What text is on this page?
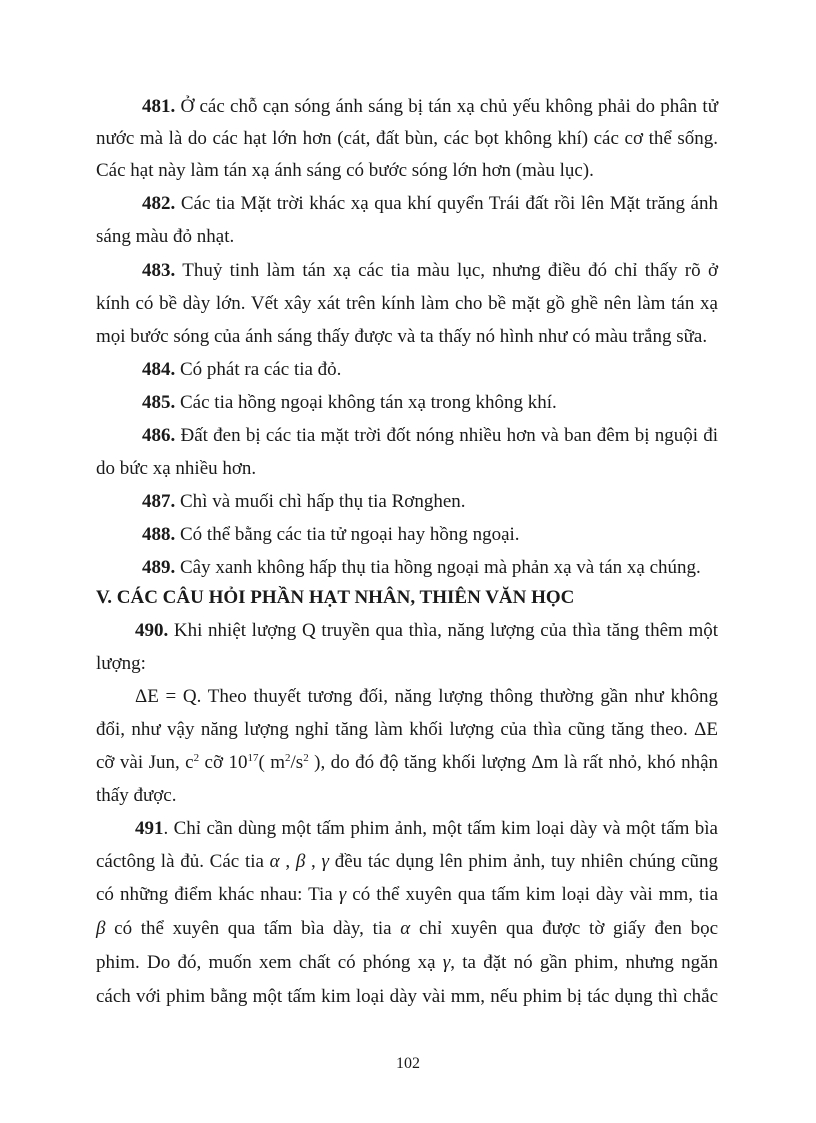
481. Ở các chỗ cạn sóng ánh sáng bị tán xạ chủ yếu không phải do phân tử
nước mà là do các hạt lớn hơn (cát, đất bùn, các bọt không khí) các cơ thể sống.
Các hạt này làm tán xạ ánh sáng có bước sóng lớn hơn (màu lục).
482. Các tia Mặt trời khác xạ qua khí quyển Trái đất rồi lên Mặt trăng ánh
sáng màu đỏ nhạt.
483. Thuỷ tinh làm tán xạ các tia màu lục, nhưng điều đó chỉ thấy rõ ở
kính có bề dày lớn. Vết xây xát trên kính làm cho bề mặt gồ ghề nên làm tán xạ
mọi bước sóng của ánh sáng thấy được và ta thấy nó hình như có màu trắng sữa.
484. Có phát ra các tia đỏ.
485. Các tia hồng ngoại không tán xạ trong không khí.
486. Đất đen bị các tia mặt trời đốt nóng nhiều hơn và ban đêm bị nguội đi
do bức xạ nhiều hơn.
487. Chì và muối chì hấp thụ tia Rơnghen.
488. Có thể bằng các tia tử ngoại hay hồng ngoại.
489. Cây xanh không hấp thụ tia hồng ngoại mà phản xạ và tán xạ chúng.
V. CÁC CÂU HỎI PHẦN HẠT NHÂN, THIÊN VĂN HỌC
490. Khi nhiệt lượng Q truyền qua thìa, năng lượng của thìa tăng thêm một
lượng:
ΔE = Q. Theo thuyết tương đối, năng lượng thông thường gần như không
đổi, như vậy năng lượng nghỉ tăng làm khối lượng của thìa cũng tăng theo. ΔE
cỡ vài Jun, $c^2$ cỡ $10^{17}$( $m^2/s^2$ ), do đó độ tăng khối lượng Δm là rất nhỏ, khó nhận
thấy được.
491. Chỉ cần dùng một tấm phim ảnh, một tấm kim loại dày và một tấm bìa
cáctông là đủ. Các tia α , β , γ đều tác dụng lên phim ảnh, tuy nhiên chúng cũng
có những điểm khác nhau: Tia γ có thể xuyên qua tấm kim loại dày vài mm, tia
β có thể xuyên qua tấm bìa dày, tia α chỉ xuyên qua được tờ giấy đen bọc
phim. Do đó, muốn xem chất có phóng xạ γ, ta đặt nó gần phim, nhưng ngăn
cách với phim bằng một tấm kim loại dày vài mm, nếu phim bị tác dụng thì chắc
102
